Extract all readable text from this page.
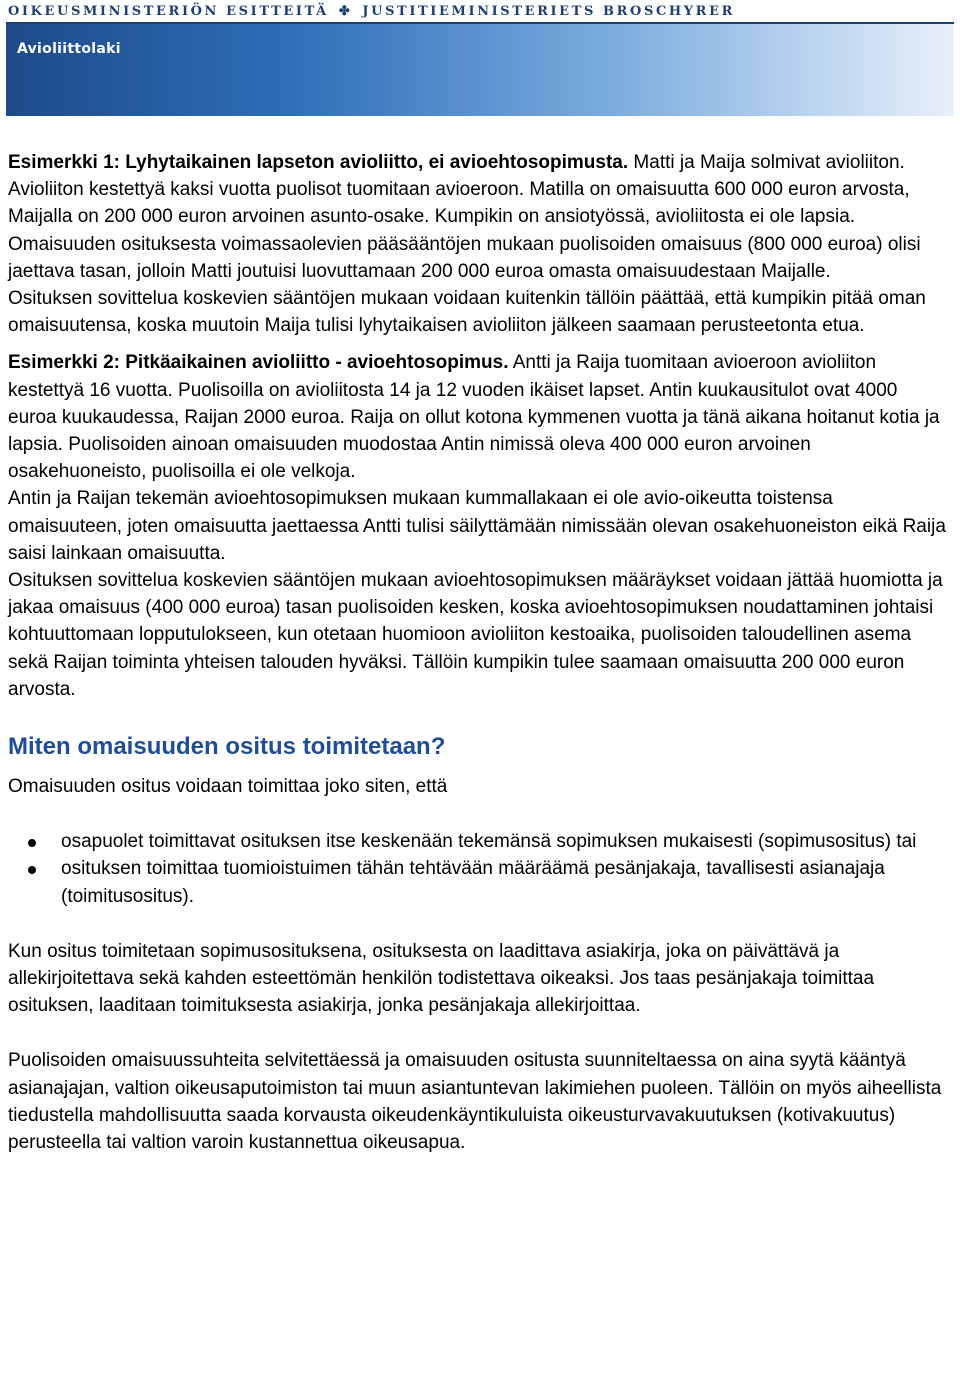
OIKEUSMINISTERIÖN ESITTEITÄ ✤ JUSTITIEMINISTERIETS BROSCHYRER
Avioliittolaki

Esimerkki 1: Lyhytaikainen lapseton avioliitto, ei avioehtosopimusta. Matti ja Maija solmivat avioliiton. Avioliiton kestettyä kaksi vuotta puolisot tuomitaan avioeroon. Matilla on omaisuutta 600 000 euron arvosta, Maijalla on 200 000 euron arvoinen asunto-osake. Kumpikin on ansiotyössä, avioliitosta ei ole lapsia. Omaisuuden osituksesta voimassaolevien pääsääntöjen mukaan puolisoiden omaisuus (800 000 euroa) olisi jaettava tasan, jolloin Matti joutuisi luovuttamaan 200 000 euroa omasta omaisuudestaan Maijalle.

Osituksen sovittelua koskevien sääntöjen mukaan voidaan kuitenkin tällöin päättää, että kumpikin pitää oman omaisuutensa, koska muutoin Maija tulisi lyhytaikaisen avioliiton jälkeen saamaan perusteetonta etua.

Esimerkki 2: Pitkäaikainen avioliitto - avioehtosopimus. Antti ja Raija tuomitaan avioeroon avioliiton kestettyä 16 vuotta. Puolisoilla on avioliitosta 14 ja 12 vuoden ikäiset lapset. Antin kuukausitulot ovat 4000 euroa kuukaudessa, Raijan 2000 euroa. Raija on ollut kotona kymmenen vuotta ja tänä aikana hoitanut kotia ja lapsia. Puolisoiden ainoan omaisuuden muodostaa Antin nimissä oleva 400 000 euron arvoinen osakehuoneisto, puolisoilla ei ole velkoja.

Antin ja Raijan tekemän avioehtosopimuksen mukaan kummallakaan ei ole avio-oikeutta toistensa omaisuuteen, joten omaisuutta jaettaessa Antti tulisi säilyttämään nimissään olevan osakehuoneiston eikä Raija saisi lainkaan omaisuutta.

Osituksen sovittelua koskevien sääntöjen mukaan avioehtosopimuksen määräykset voidaan jättää huomiotta ja jakaa omaisuus (400 000 euroa) tasan puolisoiden kesken, koska avioehtosopimuksen noudattaminen johtaisi kohtuuttomaan lopputulokseen, kun otetaan huomioon avioliiton kestoaika, puolisoiden taloudellinen asema sekä Raijan toiminta yhteisen talouden hyväksi. Tällöin kumpikin tulee saamaan omaisuutta 200 000 euron arvosta.

Miten omaisuuden ositus toimitetaan?

Omaisuuden ositus voidaan toimittaa joko siten, että

osapuolet toimittavat osituksen itse keskenään tekemänsä sopimuksen mukaisesti (sopimusositus) tai
osituksen toimittaa tuomioistuimen tähän tehtävään määräämä pesänjakaja, tavallisesti asianajaja (toimitusositus).

Kun ositus toimitetaan sopimusosituksena, osituksesta on laadittava asiakirja, joka on päivättävä ja allekirjoitettava sekä kahden esteettömän henkilön todistettava oikeaksi. Jos taas pesänjakaja toimittaa osituksen, laaditaan toimituksesta asiakirja, jonka pesänjakaja allekirjoittaa.

Puolisoiden omaisuussuhteita selvitettäessä ja omaisuuden ositusta suunniteltaessa on aina syytä kääntyä asianajajan, valtion oikeusaputoimiston tai muun asiantuntevan lakimiehen puoleen. Tällöin on myös aiheellista tiedustella mahdollisuutta saada korvausta oikeudenkäyntikuluista oikeusturvavakuutuksen (kotivakuutus) perusteella tai valtion varoin kustannettua oikeusapua.
